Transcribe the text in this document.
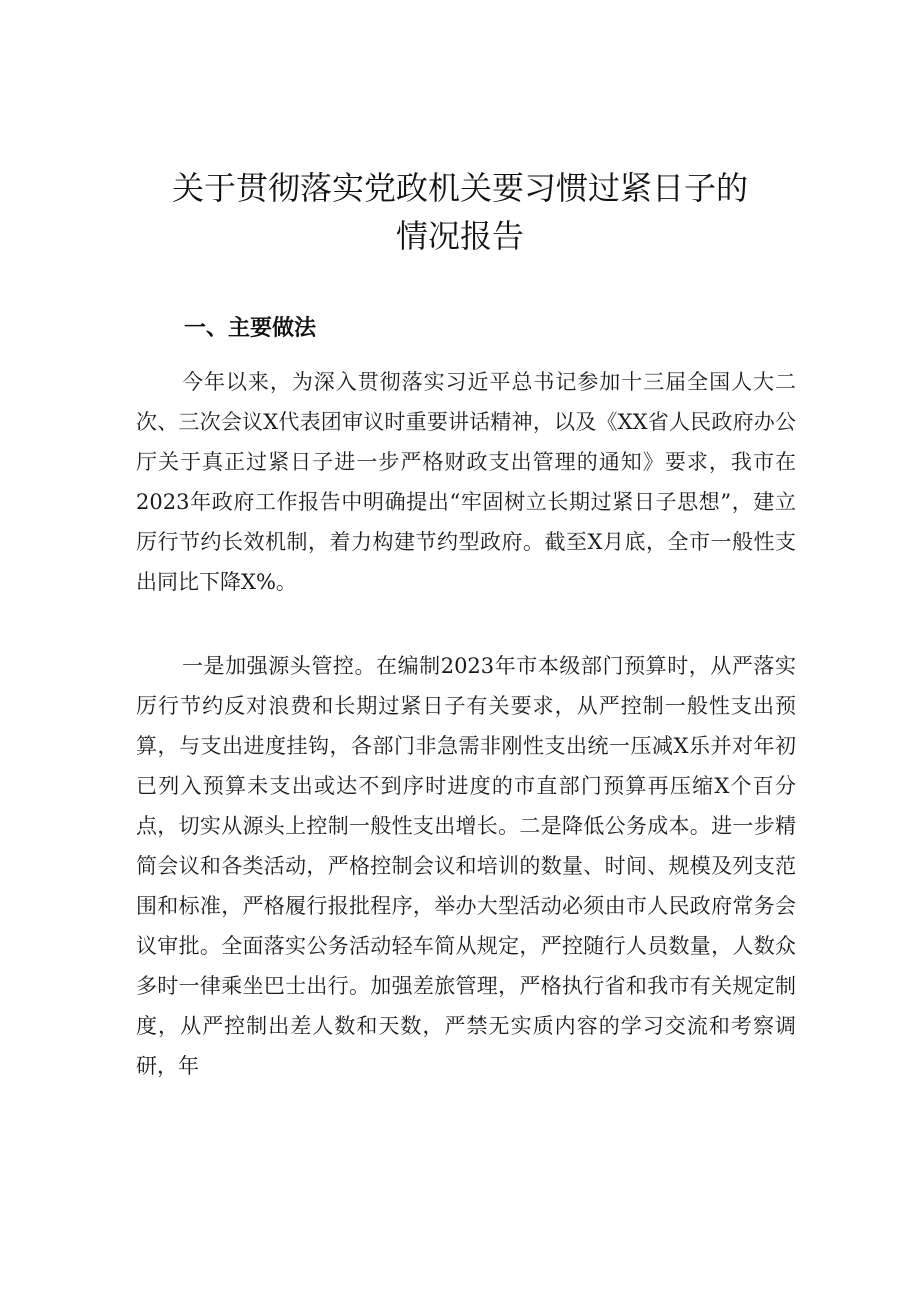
关于贯彻落实党政机关要习惯过紧日子的
情况报告
一、主要做法

今年以来，为深入贯彻落实习近平总书记参加十三届全国人大二次、三次会议X代表团审议时重要讲话精神，以及《XX省人民政府办公厅关于真正过紧日子进一步严格财政支出管理的通知》要求，我市在2023年政府工作报告中明确提出“牢固树立长期过紧日子思想”，建立厉行节约长效机制，着力构建节约型政府。截至X月底，全市一般性支出同比下降X%。

一是加强源头管控。在编制2023年市本级部门预算时，从严落实厉行节约反对浪费和长期过紧日子有关要求，从严控制一般性支出预算，与支出进度挂钩，各部门非急需非刚性支出统一压减X乐并对年初已列入预算未支出或达不到序时进度的市直部门预算再压缩X个百分点，切实从源头上控制一般性支出增长。二是降低公务成本。进一步精简会议和各类活动，严格控制会议和培训的数量、时间、规模及列支范围和标准，严格履行报批程序，举办大型活动必须由市人民政府常务会议审批。全面落实公务活动轻车简从规定，严控随行人员数量，人数众多时一律乘坐巴士出行。加强差旅管理，严格执行省和我市有关规定制度，从严控制出差人数和天数，严禁无实质内容的学习交流和考察调研，年
